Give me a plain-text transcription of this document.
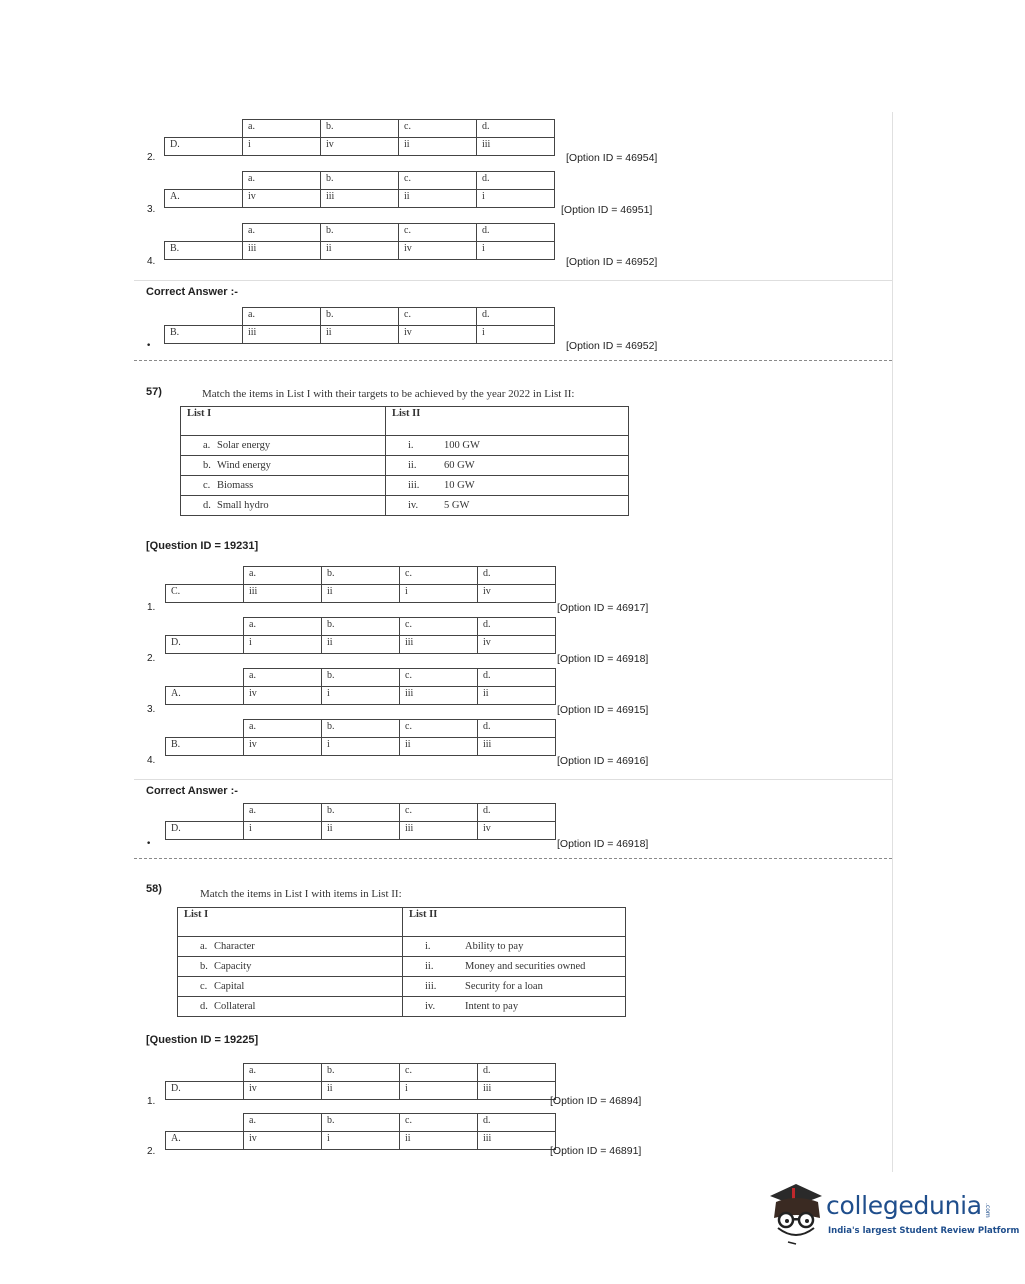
	a.	b.	c.	d.
D.	i	iv	ii	iii
2.	[Option ID = 46954]
	a.	b.	c.	d.
A.	iv	iii	ii	i
3.	[Option ID = 46951]
	a.	b.	c.	d.
B.	iii	ii	iv	i
4.	[Option ID = 46952]
Correct Answer :-
	a.	b.	c.	d.
B.	iii	ii	iv	i
•	[Option ID = 46952]
57)	Match the items in List I with their targets to be achieved by the year 2022 in List II:
List I	List II
a. Solar energy	i. 100 GW
b. Wind energy	ii. 60 GW
c. Biomass	iii. 10 GW
d. Small hydro	iv. 5 GW
[Question ID = 19231]
	a.	b.	c.	d.
C.	iii	ii	i	iv
1.	[Option ID = 46917]
	a.	b.	c.	d.
D.	i	ii	iii	iv
2.	[Option ID = 46918]
	a.	b.	c.	d.
A.	iv	i	iii	ii
3.	[Option ID = 46915]
	a.	b.	c.	d.
B.	iv	i	ii	iii
4.	[Option ID = 46916]
Correct Answer :-
	a.	b.	c.	d.
D.	i	ii	iii	iv
•	[Option ID = 46918]
58)	Match the items in List I with items in List II:
List I	List II
a. Character	i. Ability to pay
b. Capacity	ii. Money and securities owned
c. Capital	iii. Security for a loan
d. Collateral	iv. Intent to pay
[Question ID = 19225]
	a.	b.	c.	d.
D.	iv	ii	i	iii
1.	[Option ID = 46894]
	a.	b.	c.	d.
A.	iv	i	ii	iii
2.	[Option ID = 46891]
collegedunia .com
India's largest Student Review Platform
